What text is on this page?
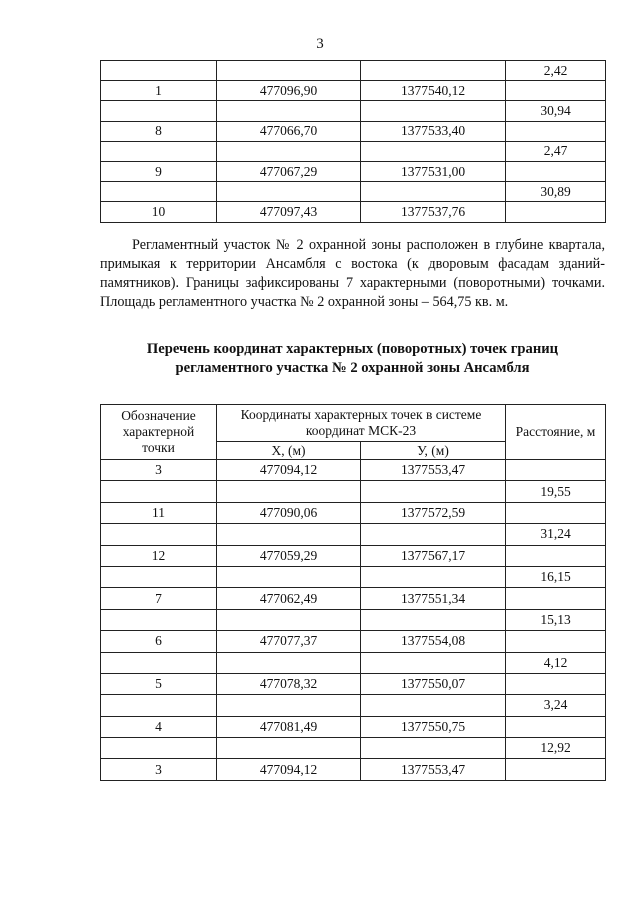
3
			2,42
1	477096,90	1377540,12	
			30,94
8	477066,70	1377533,40	
			2,47
9	477067,29	1377531,00	
			30,89
10	477097,43	1377537,76	
Регламентный участок № 2 охранной зоны расположен в глубине квартала, примыкая к территории Ансамбля с востока (к дворовым фасадам зданий-памятников). Границы зафиксированы 7 характерными (поворотными) точками. Площадь регламентного участка № 2 охранной зоны – 564,75 кв. м.
Перечень координат характерных (поворотных) точек границ
регламентного участка № 2 охранной зоны Ансамбля
Обозначение характерной точки	Координаты характерных точек в системе координат МСК-23		Расстояние, м
	X, (м)	У, (м)	
3	477094,12	1377553,47	
			19,55
11	477090,06	1377572,59	
			31,24
12	477059,29	1377567,17	
			16,15
7	477062,49	1377551,34	
			15,13
6	477077,37	1377554,08	
			4,12
5	477078,32	1377550,07	
			3,24
4	477081,49	1377550,75	
			12,92
3	477094,12	1377553,47	
